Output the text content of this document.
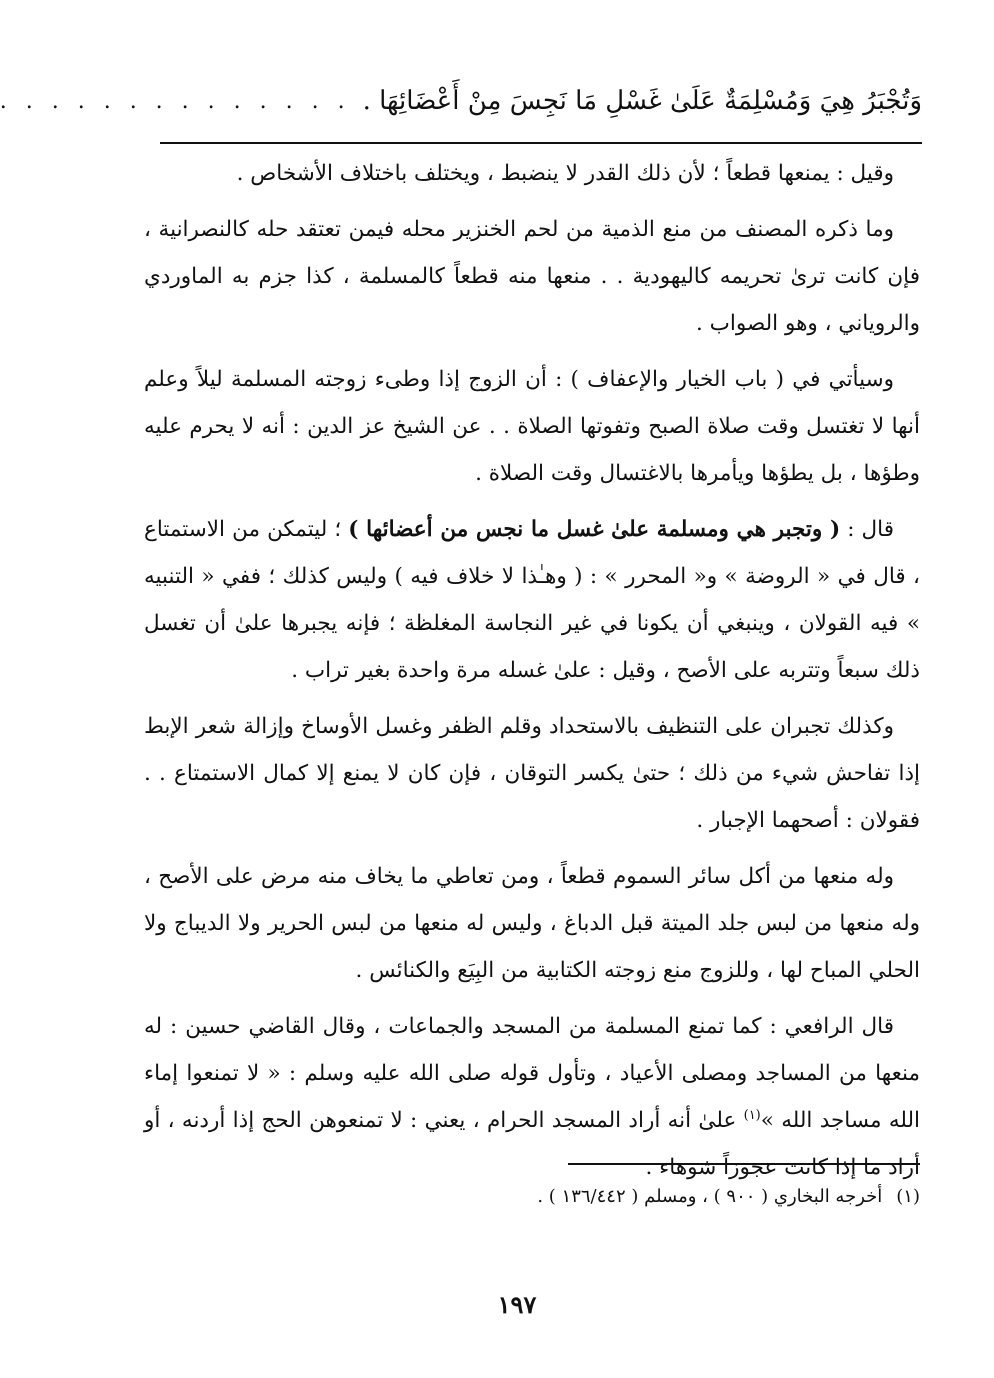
وَتُجْبَرُ هِيَ وَمُسْلِمَةٌ عَلَىٰ غَسْلِ مَا نَجِسَ مِنْ أَعْضَائِهَا .
. . . . . . . . . . . . . .

وقيل : يمنعها قطعاً ؛ لأن ذلك القدر لا ينضبط ، ويختلف باختلاف الأشخاص .

وما ذكره المصنف من منع الذمية من لحم الخنزير محله فيمن تعتقد حله كالنصرانية ، فإن كانت ترىٰ تحريمه كاليهودية . . منعها منه قطعاً كالمسلمة ، كذا جزم به الماوردي والروياني ، وهو الصواب .

وسيأتي في ( باب الخيار والإعفاف ) : أن الزوج إذا وطىء زوجته المسلمة ليلاً وعلم أنها لا تغتسل وقت صلاة الصبح وتفوتها الصلاة . . عن الشيخ عز الدين : أنه لا يحرم عليه وطؤها ، بل يطؤها ويأمرها بالاغتسال وقت الصلاة .

قال : ( وتجبر هي ومسلمة علىٰ غسل ما نجس من أعضائها ) ؛ ليتمكن من الاستمتاع ، قال في « الروضة » و« المحرر » : ( وهـٰذا لا خلاف فيه ) وليس كذلك ؛ ففي « التنبيه » فيه القولان ، وينبغي أن يكونا في غير النجاسة المغلظة ؛ فإنه يجبرها علىٰ أن تغسل ذلك سبعاً وتتربه على الأصح ، وقيل : علىٰ غسله مرة واحدة بغير تراب .

وكذلك تجبران على التنظيف بالاستحداد وقلم الظفر وغسل الأوساخ وإزالة شعر الإبط إذا تفاحش شيء من ذلك ؛ حتىٰ يكسر التوقان ، فإن كان لا يمنع إلا كمال الاستمتاع . . فقولان : أصحهما الإجبار .

وله منعها من أكل سائر السموم قطعاً ، ومن تعاطي ما يخاف منه مرض على الأصح ، وله منعها من لبس جلد الميتة قبل الدباغ ، وليس له منعها من لبس الحرير ولا الديباج ولا الحلي المباح لها ، وللزوج منع زوجته الكتابية من البِيَع والكنائس .

قال الرافعي : كما تمنع المسلمة من المسجد والجماعات ، وقال القاضي حسين : له منعها من المساجد ومصلى الأعياد ، وتأول قوله صلى الله عليه وسلم : « لا تمنعوا إماء الله مساجد الله »$^{(١)}$ علىٰ أنه أراد المسجد الحرام ، يعني : لا تمنعوهن الحج إذا أردنه ، أو أراد ما إذا كانت عجوزاً شوهاء .

(١)أخرجه البخاري ( ٩٠٠ ) ، ومسلم ( ١٣٦/٤٤٢ ) .
١٩٧
